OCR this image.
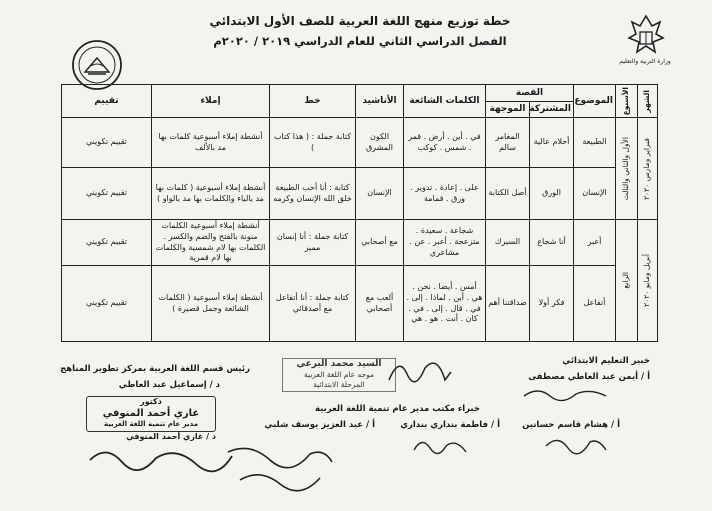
وزارة التربية والتعليم
خطة توزيع منهج اللغة العربية للصف الأول الابتدائي
الفصل الدراسي الثاني للعام الدراسي ٢٠١٩ / ٢٠٢٠م
الشهر	الأسبوع	الموضوع	القصة		الكلمات الشائعة	الأناشيد	خط	إملاء	تقييم
			المشتركة	الموجهة					

فبراير ومارس ٢٠٢٠	الأول والثاني والثالث	الطبيعة	أحلام عالية	المغامر سالم	في . أين . أرض . قمر . شمس . كوكب	الكون المشرق	كتابة جملة : ( هذا كتاب )	أنشطة إملاء أسبوعية كلمات بها مد بالألف	تقييم تكويني
		الإنسان	الورق	أصل الكتابة	على . إعادة . تدوير . ورق . قمامة	الإنسان	كتابة : أنا أحب الطبيعة خلق الله الإنسان وكرمه	أنشطة إملاء أسبوعية ( كلمات بها مد بالياء والكلمات بها مد بالواو )	تقييم تكويني

أبريل ومايو ٢٠٢٠	الرابع	أعبر	أنا شجاع	السيرك	شجاعة . سعيدة . متزعجة . أعبر . عن . مشاعري	مع أصحابي	كتابة جملة : أنا إنسان مميز	أنشطة إملاء أسبوعية الكلمات منونة بالفتح والضم والكسر . الكلمات بها لام شمسية والكلمات بها لام قمرية	تقييم تكويني
		أتفاعل	فكر أولا	صداقتنا أهم	أمس . أيضا . نحن . هي . أين . لماذا . إلى . في . قال . إلى . في . كان . أنت . هو . هي	ألعب مع أصحابي	كتابة جملة : أنا أتفاعل مع أصدقائي	أنشطة إملاء أسبوعية ( الكلمات الشائعة وجمل قصيرة )	تقييم تكويني
رئيس قسم اللغة العربية بمركز تطوير المناهج
د / إسماعيل عبد العاطي
خبير التعليم الابتدائي
أ / أيمن عبد العاطي مصطفى
السيد محمد البرعي
موجه عام اللغة العربية
المرحلة الابتدائية
خبراء مكتب مدير عام تنمية اللغة العربية
دكتور
غازي أحمد المنوفي
مدير عام تنمية اللغة العربية
د / غازي أحمد المنوفي
أ / عبد العزيز يوسف شلبي	أ / فاطمة بنداري بنداري	أ / هشام قاسم حسانين
